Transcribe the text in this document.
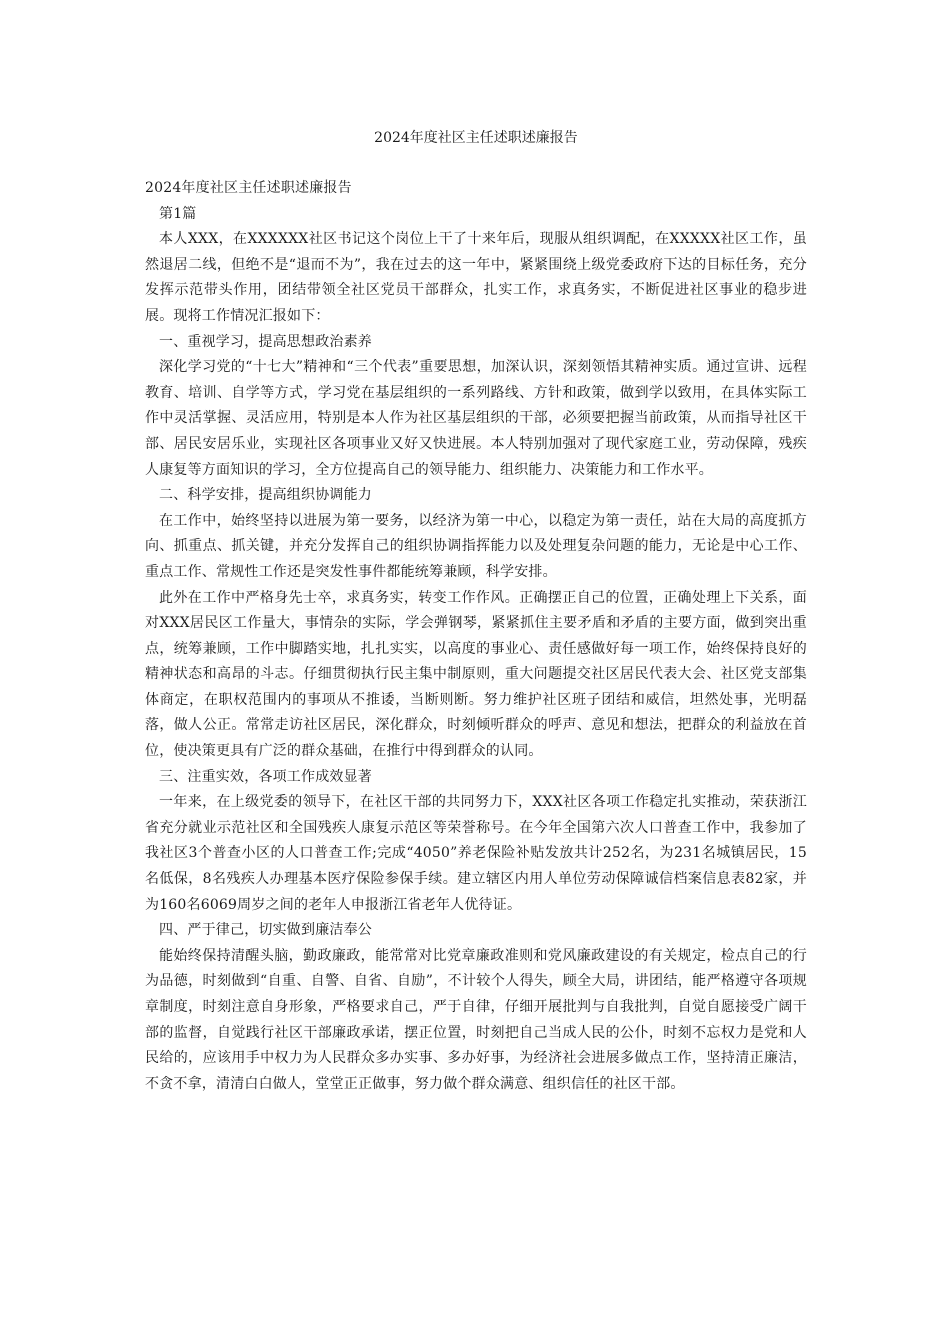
2024年度社区主任述职述廉报告

2024年度社区主任述职述廉报告

第1篇

本人XXX，在XXXXXX社区书记这个岗位上干了十来年后，现服从组织调配，在XXXXX社区工作，虽然退居二线，但绝不是“退而不为”，我在过去的这一年中，紧紧围绕上级党委政府下达的目标任务，充分发挥示范带头作用，团结带领全社区党员干部群众，扎实工作，求真务实，不断促进社区事业的稳步进展。现将工作情况汇报如下：

一、重视学习，提高思想政治素养

深化学习党的“十七大”精神和“三个代表”重要思想，加深认识，深刻领悟其精神实质。通过宣讲、远程教育、培训、自学等方式，学习党在基层组织的一系列路线、方针和政策，做到学以致用，在具体实际工作中灵活掌握、灵活应用，特别是本人作为社区基层组织的干部，必须要把握当前政策，从而指导社区干部、居民安居乐业，实现社区各项事业又好又快进展。本人特别加强对了现代家庭工业，劳动保障，残疾人康复等方面知识的学习，全方位提高自己的领导能力、组织能力、决策能力和工作水平。

二、科学安排，提高组织协调能力

在工作中，始终坚持以进展为第一要务，以经济为第一中心，以稳定为第一责任，站在大局的高度抓方向、抓重点、抓关键，并充分发挥自己的组织协调指挥能力以及处理复杂问题的能力，无论是中心工作、重点工作、常规性工作还是突发性事件都能统筹兼顾，科学安排。

此外在工作中严格身先士卒，求真务实，转变工作作风。正确摆正自己的位置，正确处理上下关系，面对XXX居民区工作量大，事情杂的实际，学会弹钢琴，紧紧抓住主要矛盾和矛盾的主要方面，做到突出重点，统筹兼顾，工作中脚踏实地，扎扎实实，以高度的事业心、责任感做好每一项工作，始终保持良好的精神状态和高昂的斗志。仔细贯彻执行民主集中制原则，重大问题提交社区居民代表大会、社区党支部集体商定，在职权范围内的事项从不推诿，当断则断。努力维护社区班子团结和威信，坦然处事，光明磊落，做人公正。常常走访社区居民，深化群众，时刻倾听群众的呼声、意见和想法，把群众的利益放在首位，使决策更具有广泛的群众基础，在推行中得到群众的认同。

三、注重实效，各项工作成效显著

一年来，在上级党委的领导下，在社区干部的共同努力下，XXX社区各项工作稳定扎实推动，荣获浙江省充分就业示范社区和全国残疾人康复示范区等荣誉称号。在今年全国第六次人口普查工作中，我参加了我社区3个普查小区的人口普查工作;完成“4050”养老保险补贴发放共计252名，为231名城镇居民，15名低保，8名残疾人办理基本医疗保险参保手续。建立辖区内用人单位劳动保障诚信档案信息表82家，并为160名6069周岁之间的老年人申报浙江省老年人优待证。

四、严于律己，切实做到廉洁奉公

能始终保持清醒头脑，勤政廉政，能常常对比党章廉政准则和党风廉政建设的有关规定，检点自己的行为品德，时刻做到“自重、自警、自省、自励”，不计较个人得失，顾全大局，讲团结，能严格遵守各项规章制度，时刻注意自身形象，严格要求自己，严于自律，仔细开展批判与自我批判，自觉自愿接受广阔干部的监督，自觉践行社区干部廉政承诺，摆正位置，时刻把自己当成人民的公仆，时刻不忘权力是党和人民给的，应该用手中权力为人民群众多办实事、多办好事，为经济社会进展多做点工作，坚持清正廉洁，不贪不拿，清清白白做人，堂堂正正做事，努力做个群众满意、组织信任的社区干部。
